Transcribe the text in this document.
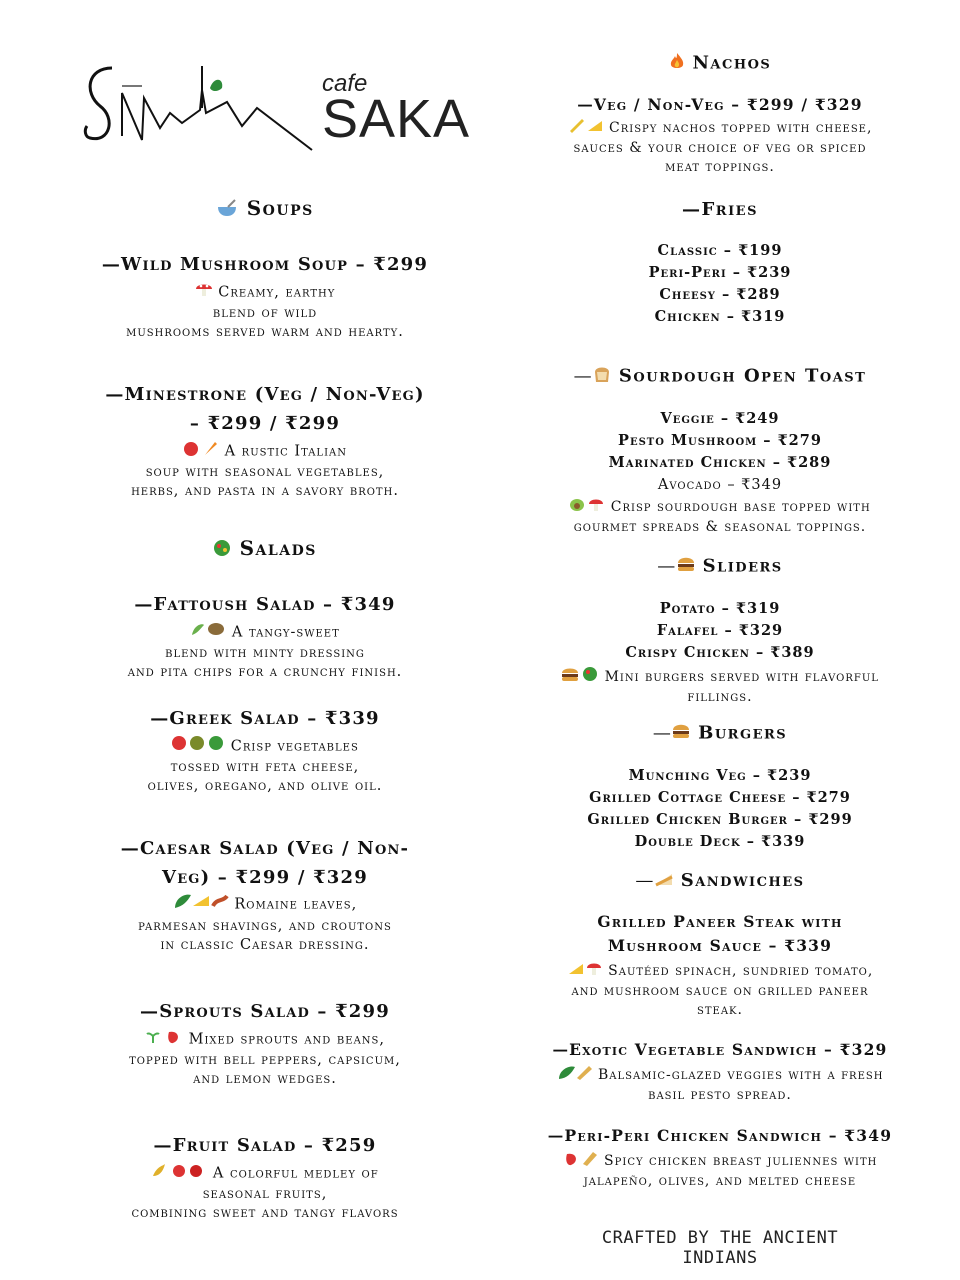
cafe
SAKA
Soups
—Wild Mushroom Soup – ₹299
Creamy, earthy
blend of wild
mushrooms served warm and hearty.
—Minestrone (Veg / Non-Veg)
– ₹299 / ₹299
A rustic Italian
soup with seasonal vegetables,
herbs, and pasta in a savory broth.
Salads
—Fattoush Salad – ₹349
A tangy-sweet
blend with minty dressing
and pita chips for a crunchy finish.
—Greek Salad – ₹339
Crisp vegetables
tossed with feta cheese,
olives, oregano, and olive oil.
—Caesar Salad (Veg / Non-
Veg) – ₹299 / ₹329
Romaine leaves,
parmesan shavings, and croutons
in classic Caesar dressing.
—Sprouts Salad – ₹299
Mixed sprouts and beans,
topped with bell peppers, capsicum,
and lemon wedges.
—Fruit Salad – ₹259
A colorful medley of
seasonal fruits,
combining sweet and tangy flavors
Nachos
—Veg / Non-Veg – ₹299 / ₹329
Crispy nachos topped with cheese,
sauces & your choice of veg or spiced
meat toppings.
—Fries
Classic – ₹199
Peri-Peri – ₹239
Cheesy – ₹289
Chicken – ₹319
— Sourdough Open Toast
Veggie – ₹249
Pesto Mushroom – ₹279
Marinated Chicken – ₹289
Avocado – ₹349
Crisp sourdough base topped with
gourmet spreads & seasonal toppings.
— Sliders
Potato – ₹319
Falafel – ₹329
Crispy Chicken – ₹389
Mini burgers served with flavorful
fillings.
— Burgers
Munching Veg – ₹239
Grilled Cottage Cheese – ₹279
Grilled Chicken Burger – ₹299
Double Deck – ₹339
— Sandwiches
Grilled Paneer Steak with
Mushroom Sauce – ₹339
Sautéed spinach, sundried tomato,
and mushroom sauce on grilled paneer
steak.
—Exotic Vegetable Sandwich – ₹329
Balsamic-glazed veggies with a fresh
basil pesto spread.
—Peri-Peri Chicken Sandwich – ₹349
Spicy chicken breast juliennes with
jalapeño, olives, and melted cheese
CRAFTED BY THE ANCIENT INDIANS
